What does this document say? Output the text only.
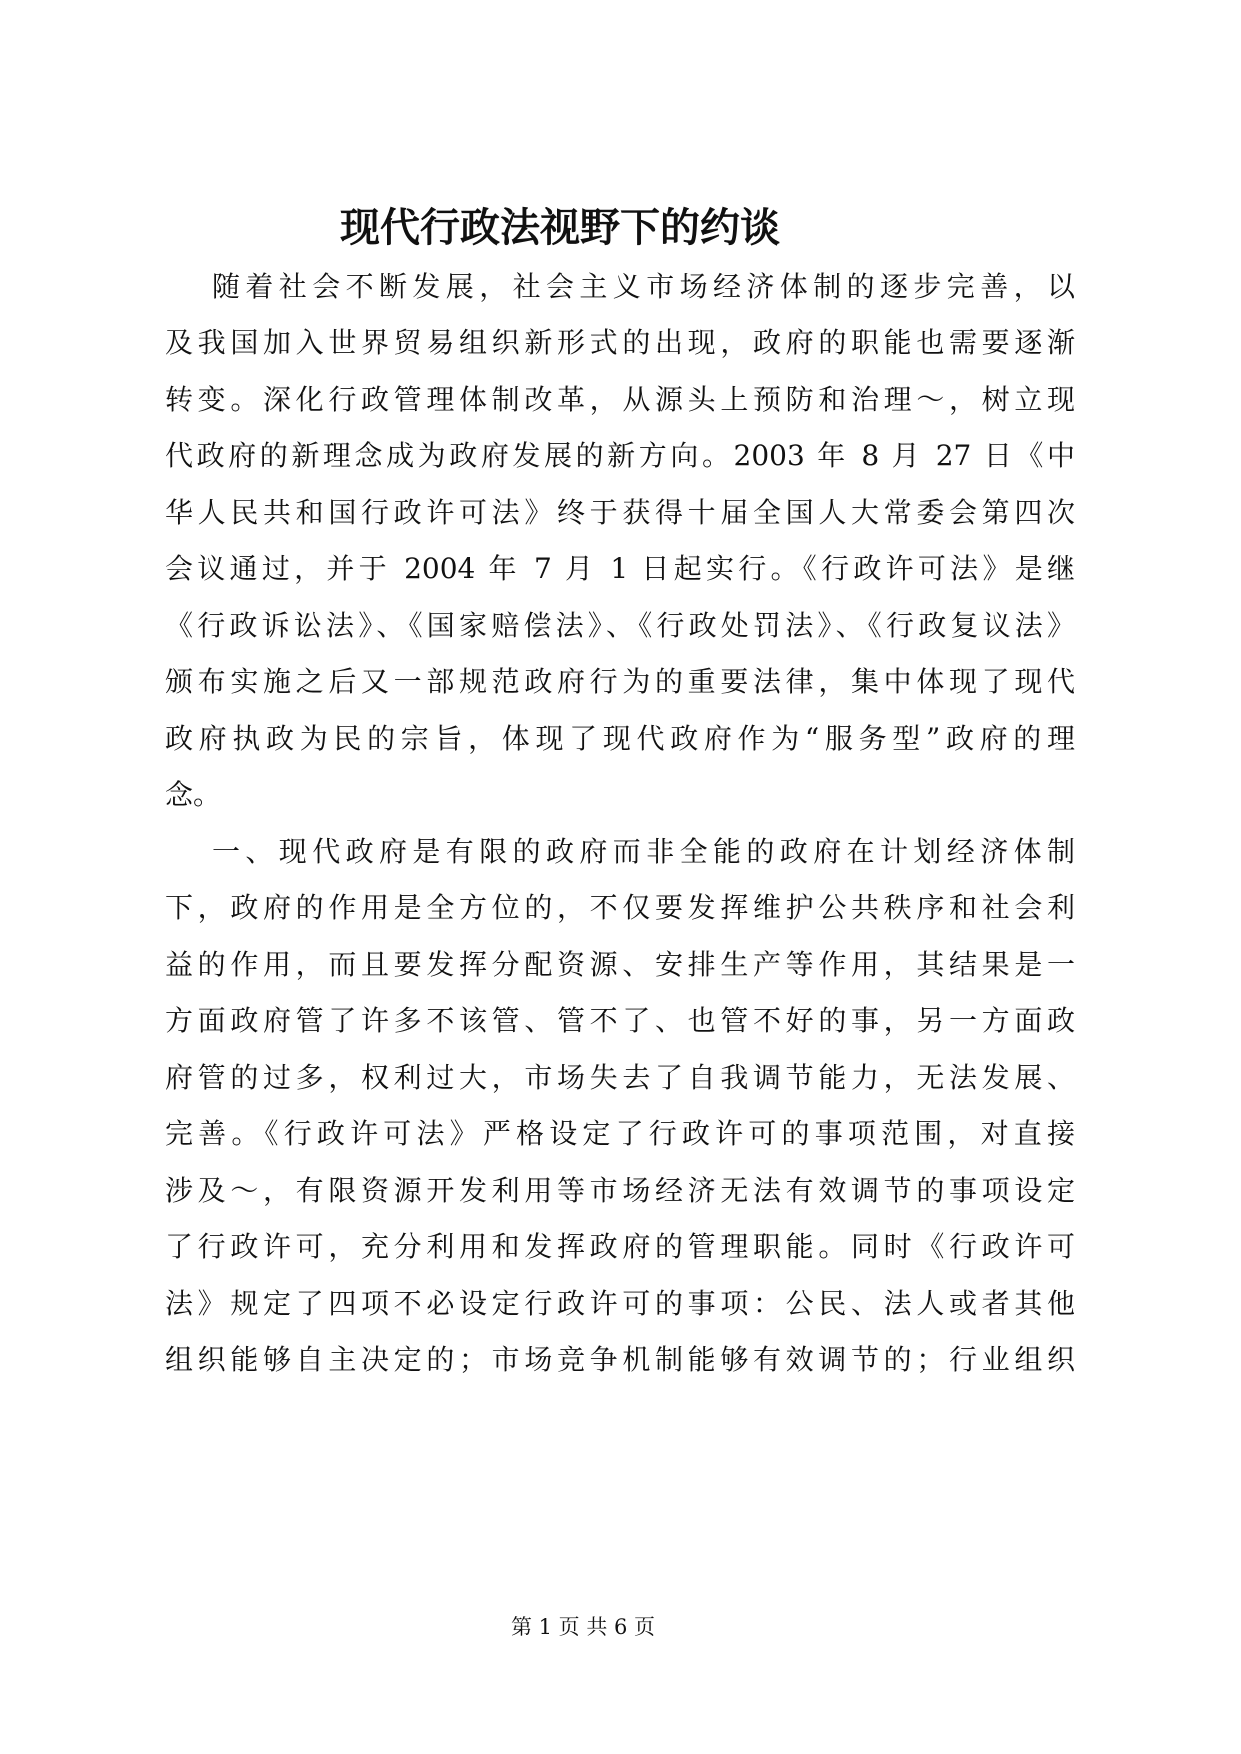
现代行政法视野下的约谈
随着社会不断发展，社会主义市场经济体制的逐步完善，以
及我国加入世界贸易组织新形式的出现，政府的职能也需要逐渐
转变。深化行政管理体制改革，从源头上预防和治理～，树立现
代政府的新理念成为政府发展的新方向。2003 年 8 月 27 日《中
华人民共和国行政许可法》终于获得十届全国人大常委会第四次
会议通过，并于 2004 年 7 月 1 日起实行。《行政许可法》是继
《行政诉讼法》、《国家赔偿法》、《行政处罚法》、《行政复议法》
颁布实施之后又一部规范政府行为的重要法律，集中体现了现代
政府执政为民的宗旨，体现了现代政府作为“服务型”政府的理
念。
一、现代政府是有限的政府而非全能的政府在计划经济体制
下，政府的作用是全方位的，不仅要发挥维护公共秩序和社会利
益的作用，而且要发挥分配资源、安排生产等作用，其结果是一
方面政府管了许多不该管、管不了、也管不好的事，另一方面政
府管的过多，权利过大，市场失去了自我调节能力，无法发展、
完善。《行政许可法》严格设定了行政许可的事项范围，对直接
涉及～，有限资源开发利用等市场经济无法有效调节的事项设定
了行政许可，充分利用和发挥政府的管理职能。同时《行政许可
法》规定了四项不必设定行政许可的事项：公民、法人或者其他
组织能够自主决定的；市场竞争机制能够有效调节的；行业组织
第 1 页 共 6 页
